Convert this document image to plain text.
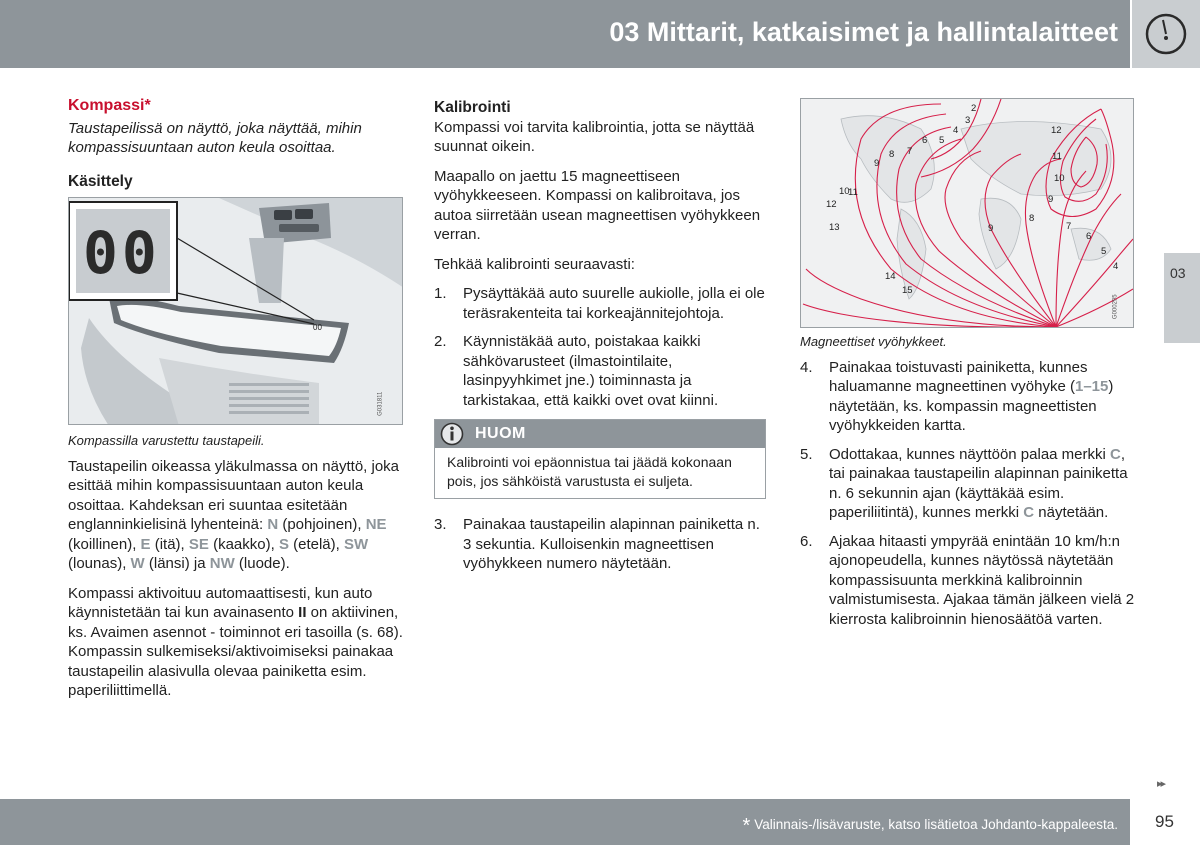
03 Mittarit, katkaisimet ja hallintalaitteet
03
Kompassi*

Taustapeilissä on näyttö, joka näyttää, mihin kompassisuuntaan auton keula osoittaa.

Käsittely
00
00
G031811
Kompassilla varustettu taustapeili.

Taustapeilin oikeassa yläkulmassa on näyttö, joka esittää mihin kompassisuuntaan auton keula osoittaa. Kahdeksan eri suuntaa esitetään englanninkielisinä lyhenteinä: N (pohjoinen), NE (koillinen), E (itä), SE (kaakko), S (etelä), SW (lounas), W (länsi) ja NW (luode).

Kompassi aktivoituu automaattisesti, kun auto käynnistetään tai kun avainasento II on aktiivinen, ks. Avaimen asennot - toiminnot eri tasoilla (s. 68). Kompassin sulkemiseksi/aktivoimiseksi painakaa taustapeilin alasivulla olevaa painiketta esim. paperiliittimellä.

Kalibrointi

Kompassi voi tarvita kalibrointia, jotta se näyttää suunnat oikein.

Maapallo on jaettu 15 magneettiseen vyöhykkeeseen. Kompassi on kalibroitava, jos autoa siirretään usean magneettisen vyöhykkeen verran.

Tehkää kalibrointi seuraavasti:

1. Pysäyttäkää auto suurelle aukiolle, jolla ei ole teräsrakenteita tai korkeajännitejohtoja.
2. Käynnistäkää auto, poistakaa kaikki sähkövarusteet (ilmastointilaite, lasinpyyhkimet jne.) toiminnasta ja tarkistakaa, että kaikki ovet ovat kiinni.
HUOM
Kalibrointi voi epäonnistua tai jäädä kokonaan pois, jos sähköistä varustusta ei suljeta.
3. Painakaa taustapeilin alapinnan painiketta n. 3 sekuntia. Kulloisenkin magneettisen vyöhykkeen numero näytetään.
2
3
4
5
6
7
8
9
11
10
12
13
14
15
12
11
10
9
8
7
6
5
4
9
G000295
Magneettiset vyöhykkeet.
4. Painakaa toistuvasti painiketta, kunnes haluamanne magneettinen vyöhyke (1–15) näytetään, ks. kompassin magneettisten vyöhykkeiden kartta.
5. Odottakaa, kunnes näyttöön palaa merkki C, tai painakaa taustapeilin alapinnan painiketta n. 6 sekunnin ajan (käyttäkää esim. paperiliitintä), kunnes merkki C näytetään.
6. Ajakaa hitaasti ympyrää enintään 10 km/h:n ajonopeudella, kunnes näytössä näytetään kompassisuunta merkkinä kalibroinnin valmistumisesta. Ajakaa tämän jälkeen vielä 2 kierrosta kalibroinnin hienosäätöä varten.
▸▸
* Valinnais-/lisävaruste, katso lisätietoa Johdanto-kappaleesta. 95
